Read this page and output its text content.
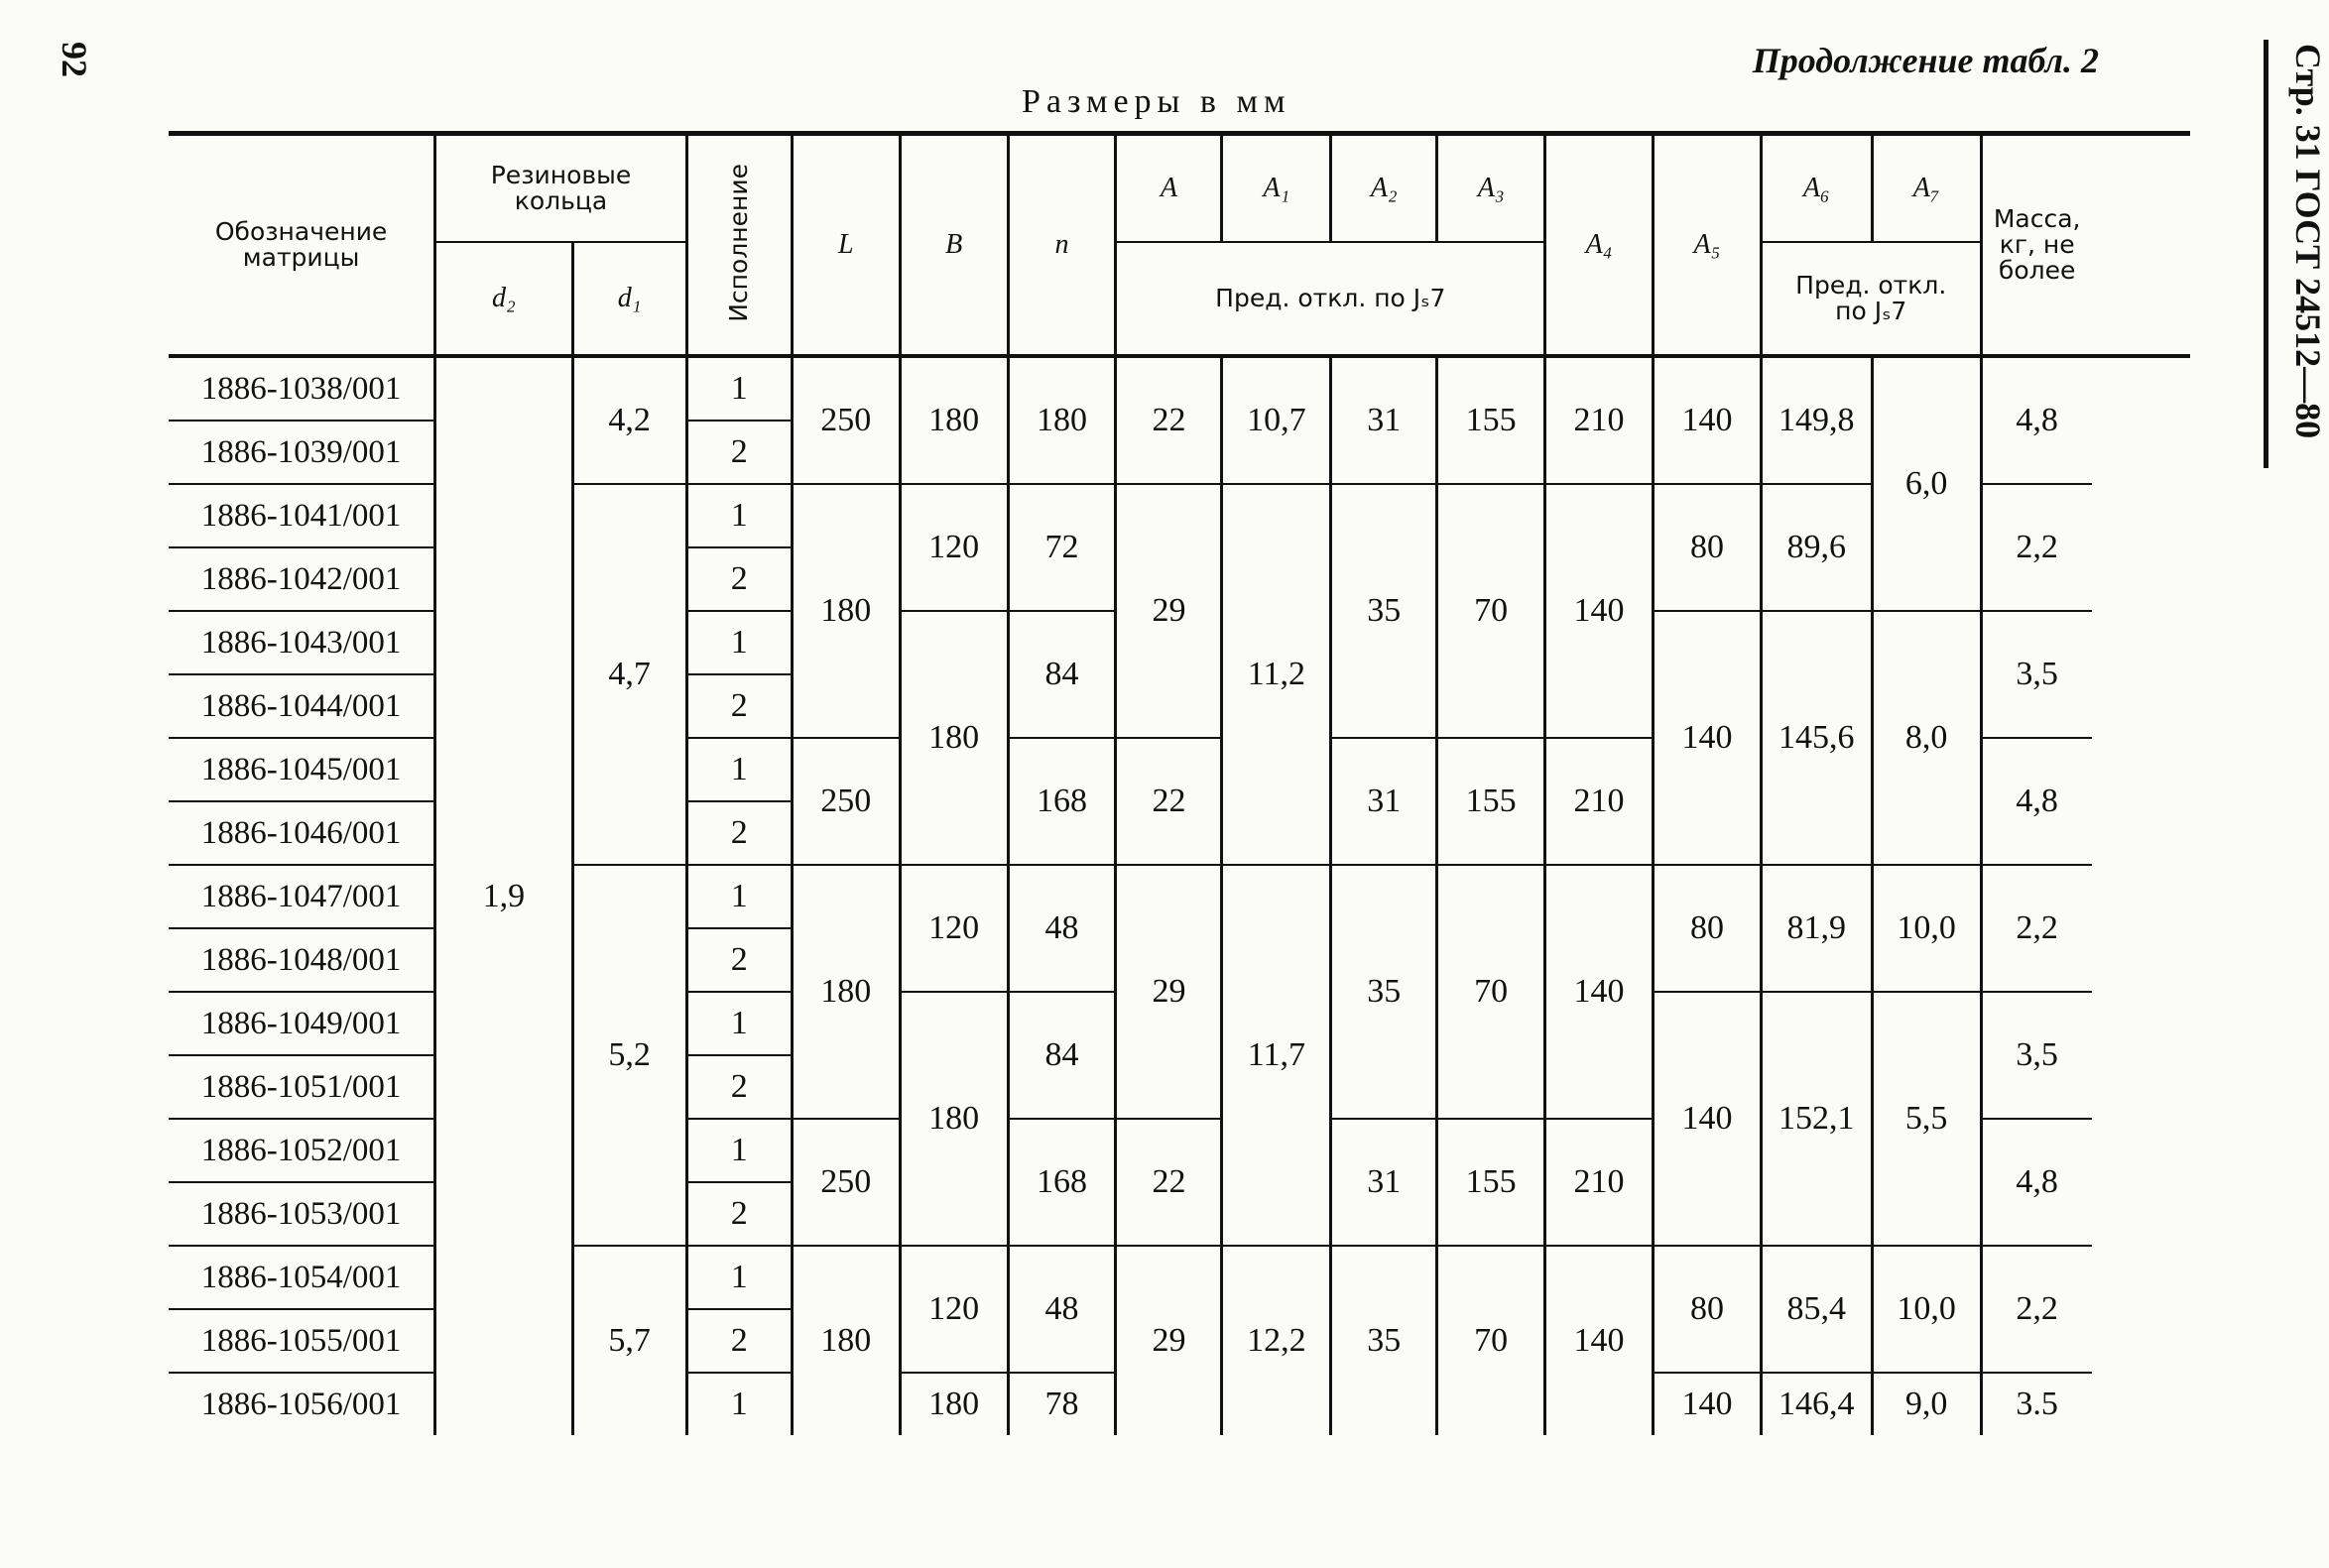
92	Продолжение табл. 2
Размеры в мм	Стр. 31 ГОСТ 24512—80
Обозначение матрицы	Резиновые кольца		Исполнение	L	B	n	A	A₁	A₂	A₃	A₄	A₅	A₆	A₇	Масса, кг, не более
	d₂	d₁					Пред. откл. по Jₛ7						Пред. откл. по Jₛ7		
1886-1038/001	1,9	4,2	1	250	180	180	22	10,7	31	155	210	140	149,8	6,0	4,8
1886-1039/001			2												
1886-1041/001		4,7	1	180	120	72	29	11,2	35	70	140	80	89,6		2,2
1886-1042/001			2												
1886-1043/001			1		180	84						140	145,6	8,0	3,5
1886-1044/001			2												
1886-1045/001			1	250		168	22		31	155	210				4,8
1886-1046/001			2												
1886-1047/001		5,2	1	180	120	48	29	11,7	35	70	140	80	81,9	10,0	2,2
1886-1048/001			2												
1886-1049/001			1		180	84						140	152,1	5,5	3,5
1886-1051/001			2												
1886-1052/001			1	250		168	22		31	155	210				4,8
1886-1053/001			2												
1886-1054/001		5,7	1	180	120	48	29	12,2	35	70	140	80	85,4	10,0	2,2
1886-1055/001			2												
1886-1056/001			1		180	78						140	146,4	9,0	3.5
